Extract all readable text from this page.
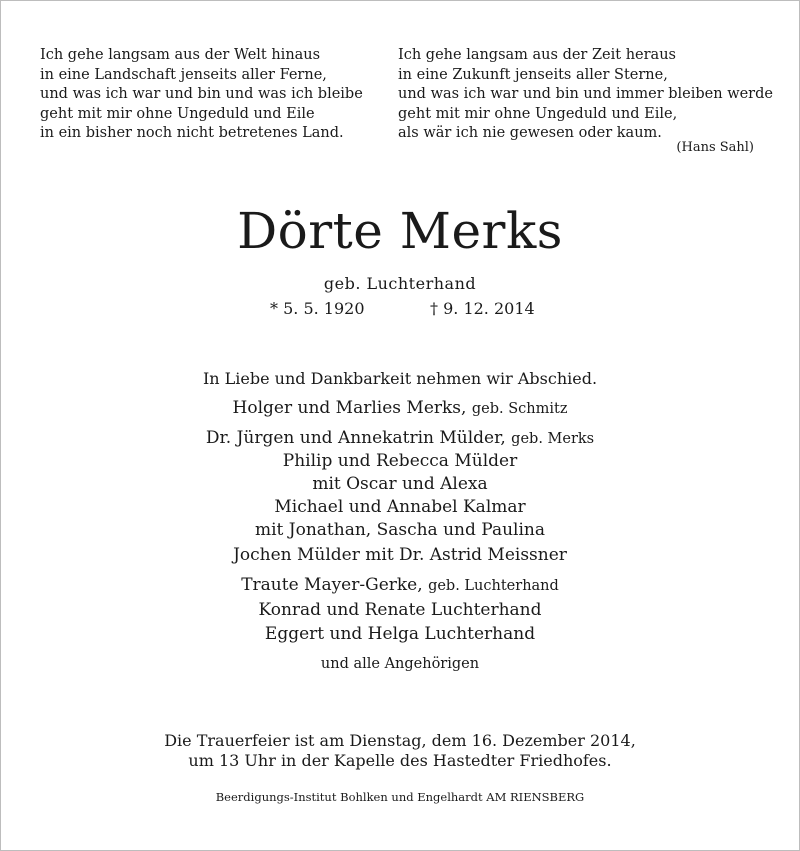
Ich gehe langsam aus der Welt hinaus
in eine Landschaft jenseits aller Ferne,
und was ich war und bin und was ich bleibe
geht mit mir ohne Ungeduld und Eile
in ein bisher noch nicht betretenes Land.
Ich gehe langsam aus der Zeit heraus
in eine Zukunft jenseits aller Sterne,
und was ich war und bin und immer bleiben werde
geht mit mir ohne Ungeduld und Eile,
als wär ich nie gewesen oder kaum.
(Hans Sahl)
Dörte Merks
geb. Luchterhand
* 5. 5. 1920	† 9. 12. 2014
In Liebe und Dankbarkeit nehmen wir Abschied.
Holger und Marlies Merks, geb. Schmitz
Dr. Jürgen und Annekatrin Mülder, geb. Merks
Philip und Rebecca Mülder
mit Oscar und Alexa
Michael und Annabel Kalmar
mit Jonathan, Sascha und Paulina
Jochen Mülder mit Dr. Astrid Meissner
Traute Mayer-Gerke, geb. Luchterhand
Konrad und Renate Luchterhand
Eggert und Helga Luchterhand
und alle Angehörigen
Die Trauerfeier ist am Dienstag, dem 16. Dezember 2014,
um 13 Uhr in der Kapelle des Hastedter Friedhofes.
Beerdigungs-Institut Bohlken und Engelhardt AM RIENSBERG
